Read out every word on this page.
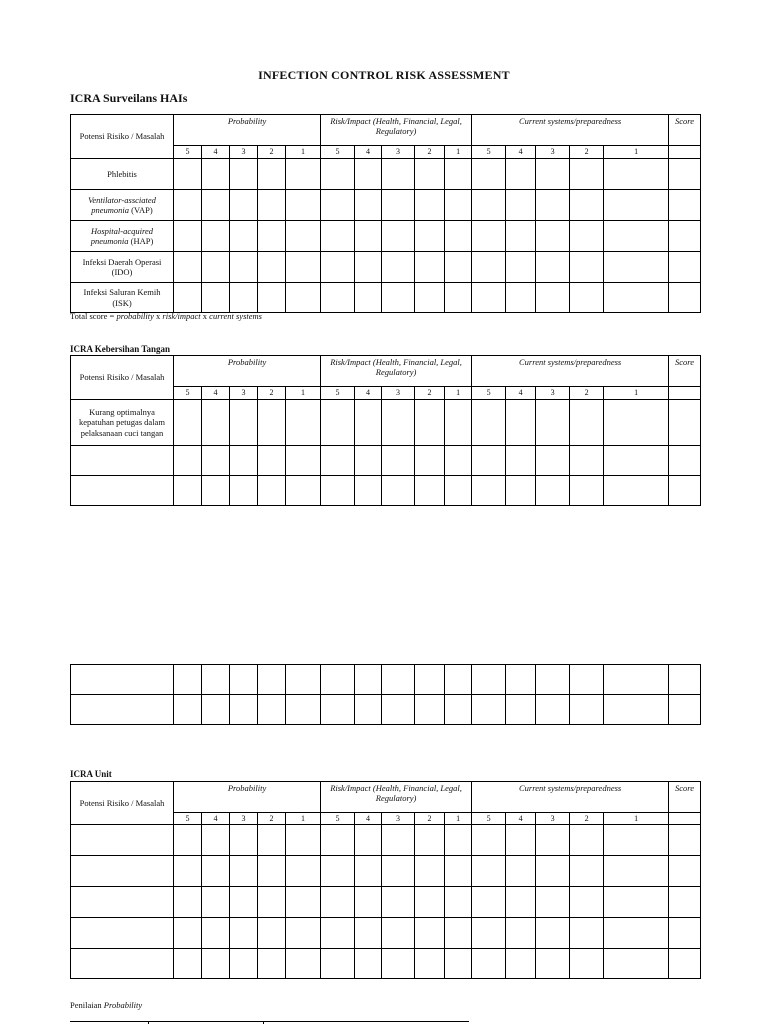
INFECTION CONTROL RISK ASSESSMENT
ICRA Surveilans HAIs
Potensi Risiko / Masalah	Probability					Risk/Impact (Health, Financial, Legal, Regulatory)					Current systems/preparedness					Score
	5	4	3	2	1	5	4	3	2	1	5	4	3	2	1	
Phlebitis																
Ventilator-assciated pneumonia (VAP)																
Hospital-acquired pneumonia (HAP)																
Infeksi Daerah Operasi (IDO)																
Infeksi Saluran Kemih (ISK)																
Total score = probability x risk/impact x current systems
ICRA Kebersihan Tangan
Potensi Risiko / Masalah	Probability					Risk/Impact (Health, Financial, Legal, Regulatory)					Current systems/preparedness					Score
	5	4	3	2	1	5	4	3	2	1	5	4	3	2	1	
Kurang optimalnya kepatuhan petugas dalam pelaksanaan cuci tangan																

ICRA Unit
Potensi Risiko / Masalah	Probability					Risk/Impact (Health, Financial, Legal, Regulatory)					Current systems/preparedness					Score
	5	4	3	2	1	5	4	3	2	1	5	4	3	2	1	

Penilaian Probability
